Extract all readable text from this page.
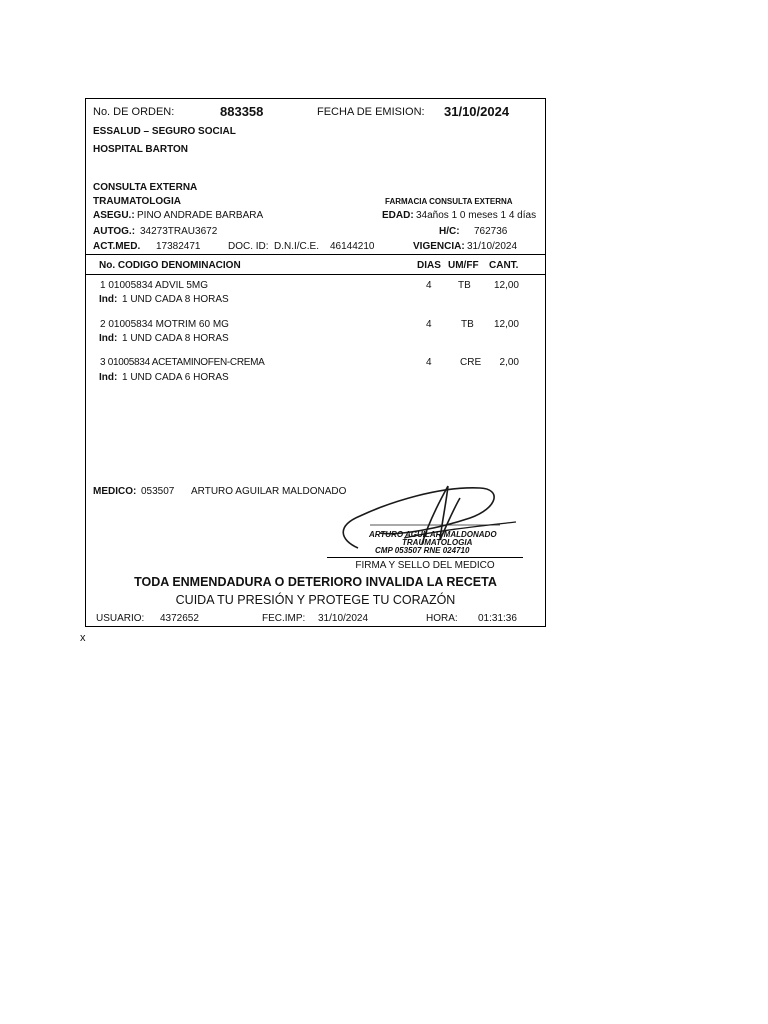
No. DE ORDEN:	883358	FECHA DE EMISION: 31/10/2024
ESSALUD – SEGURO SOCIAL
HOSPITAL BARTON
CONSULTA EXTERNA
TRAUMATOLOGIA	FARMACIA CONSULTA EXTERNA
ASEGU.: PINO ANDRADE BARBARA	EDAD: 34años 1 0 meses 1 4 días
AUTOG.: 34273TRAU3672	H/C: 762736
ACT.MED. 17382471	DOC. ID: D.N.I/C.E. 46144210	VIGENCIA: 31/10/2024
No. CODIGO DENOMINACION	DIAS UM/FF CANT.
1 01005834 ADVIL 5MG	4	TB	12,00
Ind: 1 UND CADA 8 HORAS
2 01005834 MOTRIM 60 MG	4	TB	12,00
Ind: 1 UND CADA 8 HORAS
3 01005834 ACETAMINOFEN-CREMA	4	CRE	2,00
Ind: 1 UND CADA 6 HORAS
MEDICO: 053507 ARTURO AGUILAR MALDONADO
ARTURO AGUILAR MALDONADO
TRAUMATOLOGIA
CMP 053507 RNE 024710
FIRMA Y SELLO DEL MEDICO
TODA ENMENDADURA O DETERIORO INVALIDA LA RECETA
CUIDA TU PRESIÓN Y PROTEGE TU CORAZÓN
USUARIO: 4372652	FEC.IMP: 31/10/2024	HORA: 01:31:36
x
